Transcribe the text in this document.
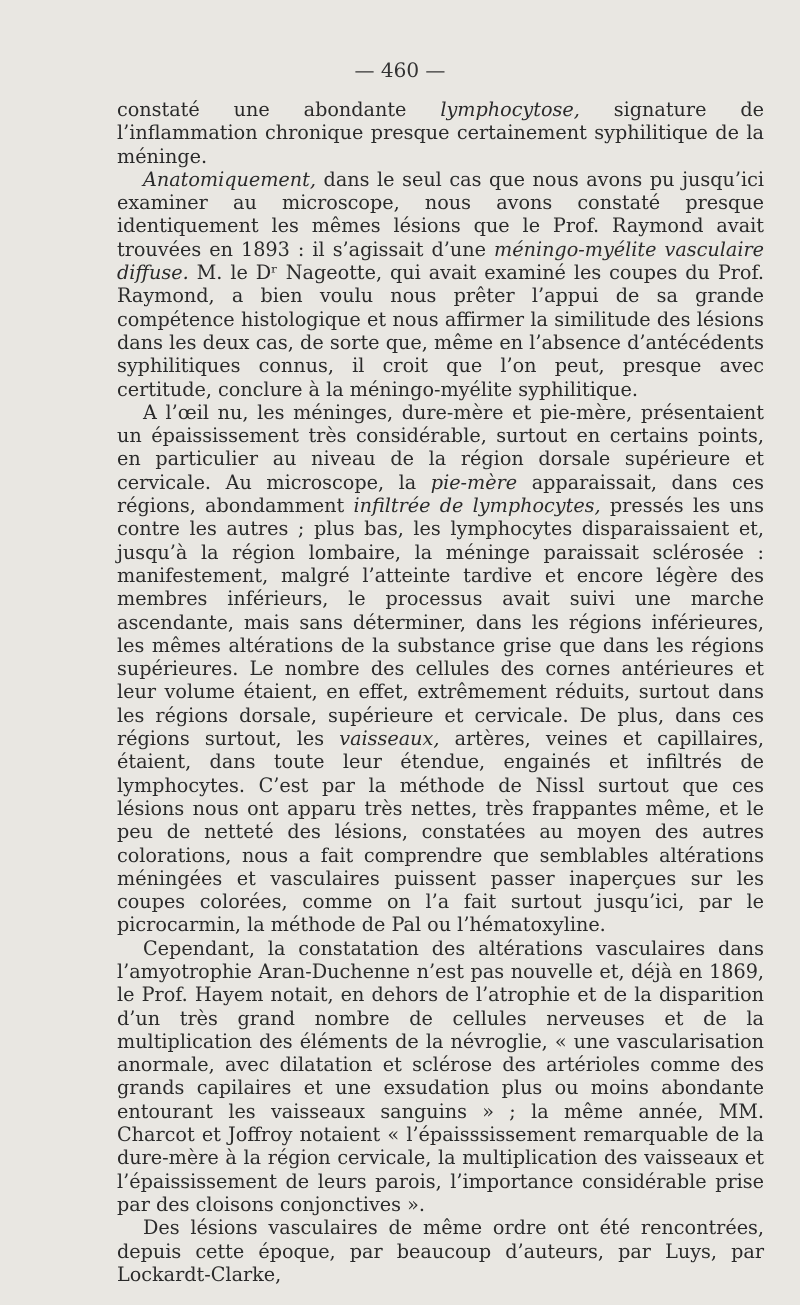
— 460 —

constaté une abondante lymphocytose, signature de l’inflammation chronique presque certainement syphilitique de la méninge.

Anatomiquement, dans le seul cas que nous avons pu jusqu’ici examiner au microscope, nous avons constaté presque identiquement les mêmes lésions que le Prof. Raymond avait trouvées en 1893 : il s’agissait d’une méningo-myélite vasculaire diffuse. M. le Dʳ Nageotte, qui avait examiné les coupes du Prof. Raymond, a bien voulu nous prêter l’appui de sa grande compétence histologique et nous affirmer la similitude des lésions dans les deux cas, de sorte que, même en l’absence d’antécédents syphilitiques connus, il croit que l’on peut, presque avec certitude, conclure à la méningo-myélite syphilitique.

A l’œil nu, les méninges, dure-mère et pie-mère, présentaient un épaississement très considérable, surtout en certains points, en particulier au niveau de la région dorsale supérieure et cervicale. Au microscope, la pie-mère apparaissait, dans ces régions, abondamment infiltrée de lymphocytes, pressés les uns contre les autres ; plus bas, les lymphocytes disparaissaient et, jusqu’à la région lombaire, la méninge paraissait sclérosée : manifestement, malgré l’atteinte tardive et encore légère des membres inférieurs, le processus avait suivi une marche ascendante, mais sans déterminer, dans les régions inférieures, les mêmes altérations de la substance grise que dans les régions supérieures. Le nombre des cellules des cornes antérieures et leur volume étaient, en effet, extrêmement réduits, surtout dans les régions dorsale, supérieure et cervicale. De plus, dans ces régions surtout, les vaisseaux, artères, veines et capillaires, étaient, dans toute leur étendue, engainés et infiltrés de lymphocytes. C’est par la méthode de Nissl surtout que ces lésions nous ont apparu très nettes, très frappantes même, et le peu de netteté des lésions, constatées au moyen des autres colorations, nous a fait comprendre que semblables altérations méningées et vasculaires puissent passer inaperçues sur les coupes colorées, comme on l’a fait surtout jusqu’ici, par le picrocarmin, la méthode de Pal ou l’hématoxyline.

Cependant, la constatation des altérations vasculaires dans l’amyotrophie Aran-Duchenne n’est pas nouvelle et, déjà en 1869, le Prof. Hayem notait, en dehors de l’atrophie et de la disparition d’un très grand nombre de cellules nerveuses et de la multiplication des éléments de la névroglie, « une vascularisation anormale, avec dilatation et sclérose des artérioles comme des grands capilaires et une exsudation plus ou moins abondante entourant les vaisseaux sanguins » ; la même année, MM. Charcot et Joffroy notaient « l’épaisssissement remarquable de la dure-mère à la région cervicale, la multiplication des vaisseaux et l’épaississement de leurs parois, l’importance considérable prise par des cloisons conjonctives ».

Des lésions vasculaires de même ordre ont été rencontrées, depuis cette époque, par beaucoup d’auteurs, par Luys, par Lockardt-Clarke,
